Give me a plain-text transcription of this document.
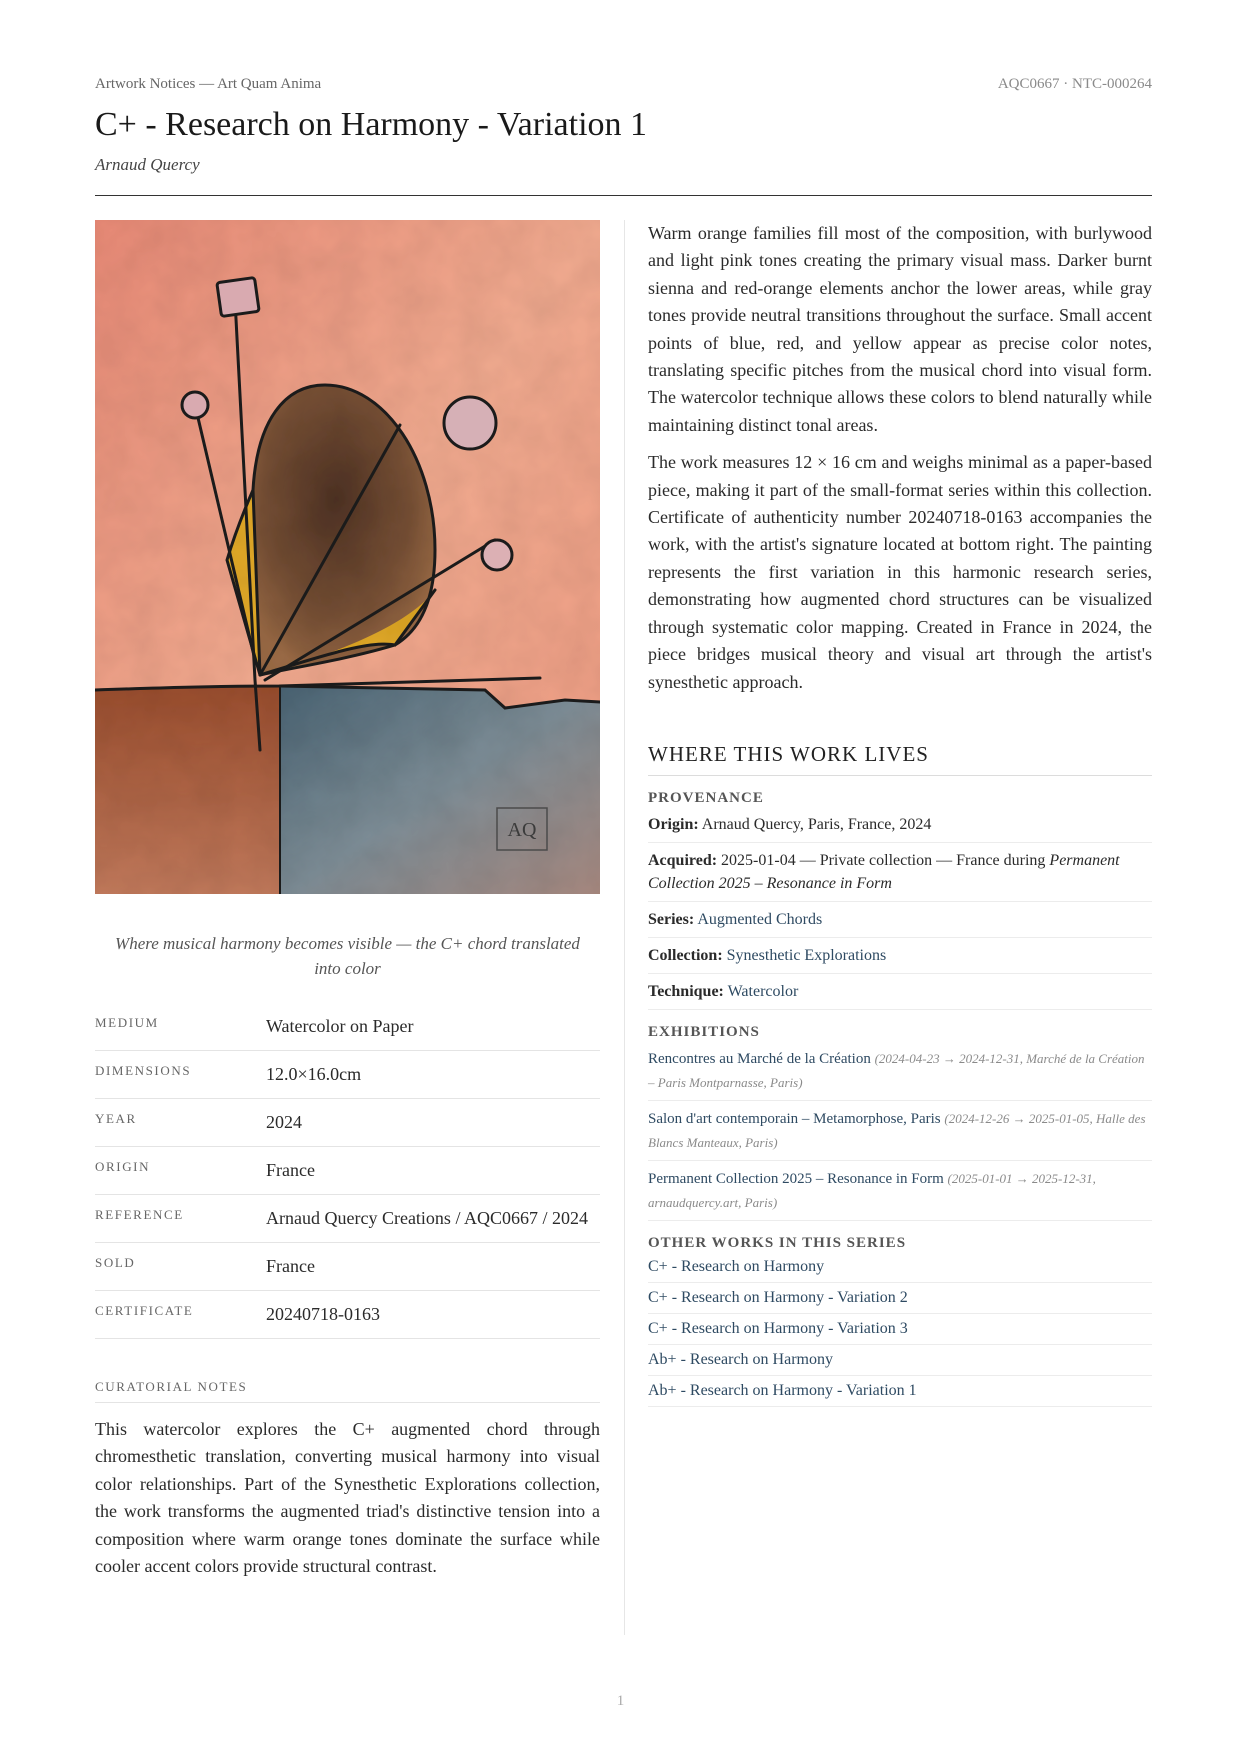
Artwork Notices — Art Quam Anima	AQC0667 · NTC-000264
C+ - Research on Harmony - Variation 1
Arnaud Quercy
AQ
Where musical harmony becomes visible — the C+ chord translated into color
MEDIUM	Watercolor on Paper
DIMENSIONS	12.0×16.0cm
YEAR	2024
ORIGIN	France
REFERENCE	Arnaud Quercy Creations / AQC0667 / 2024
SOLD	France
CERTIFICATE	20240718-0163
CURATORIAL NOTES

This watercolor explores the C+ augmented chord through chromesthetic translation, converting musical harmony into visual color relationships. Part of the Synesthetic Explorations collection, the work transforms the augmented triad's distinctive tension into a composition where warm orange tones dominate the surface while cooler accent colors provide structural contrast.

Warm orange families fill most of the composition, with burlywood and light pink tones creating the primary visual mass. Darker burnt sienna and red-orange elements anchor the lower areas, while gray tones provide neutral transitions throughout the surface. Small accent points of blue, red, and yellow appear as precise color notes, translating specific pitches from the musical chord into visual form. The watercolor technique allows these colors to blend naturally while maintaining distinct tonal areas.

The work measures 12 × 16 cm and weighs minimal as a paper-based piece, making it part of the small-format series within this collection. Certificate of authenticity number 20240718-0163 accompanies the work, with the artist's signature located at bottom right. The painting represents the first variation in this harmonic research series, demonstrating how augmented chord structures can be visualized through systematic color mapping. Created in France in 2024, the piece bridges musical theory and visual art through the artist's synesthetic approach.

WHERE THIS WORK LIVES
PROVENANCE
Origin: Arnaud Quercy, Paris, France, 2024
Acquired: 2025-01-04 — Private collection — France during Permanent Collection 2025 – Resonance in Form
Series: Augmented Chords
Collection: Synesthetic Explorations
Technique: Watercolor
EXHIBITIONS
Rencontres au Marché de la Création (2024-04-23 → 2024-12-31, Marché de la Création – Paris Montparnasse, Paris)
Salon d'art contemporain – Metamorphose, Paris (2024-12-26 → 2025-01-05, Halle des Blancs Manteaux, Paris)
Permanent Collection 2025 – Resonance in Form (2025-01-01 → 2025-12-31, arnaudquercy.art, Paris)
OTHER WORKS IN THIS SERIES
C+ - Research on Harmony
C+ - Research on Harmony - Variation 2
C+ - Research on Harmony - Variation 3
Ab+ - Research on Harmony
Ab+ - Research on Harmony - Variation 1
1
